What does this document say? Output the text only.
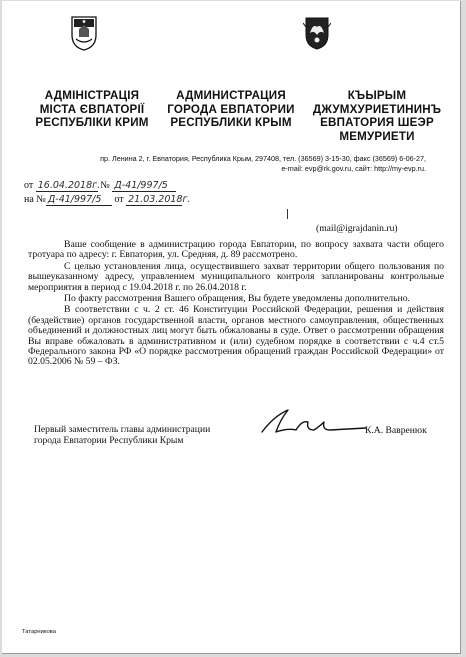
АДМІНІСТРАЦІЯ
МІСТА ЄВПАТОРІЇ
РЕСПУБЛІКИ КРИМ
АДМИНИСТРАЦИЯ
ГОРОДА ЕВПАТОРИИ
РЕСПУБЛИКИ КРЫМ
КЪЫРЫМ
ДЖУМХУРИЕТИНИНЪ
ЕВПАТОРИЯ ШЕЭР
МЕМУРИЕТИ
пр. Ленина 2, г. Евпатория, Республика Крым, 297408, тел. (36569) 3-15-30, факс (36569) 6-06-27,
e-mail: evp@rk.gov.ru, сайт: http://my-evp.ru.
от 16.04.2018г. № Д-41/997/5
на № Д-41/997/5 от 21.03.2018г.
(mail@igrajdanin.ru)

Ваше сообщение в администрацию города Евпатории, по вопросу захвата части общего тротуара по адресу: г. Евпатория, ул. Средняя, д. 89 рассмотрено.

С целью установления лица, осуществившего захват территории общего пользования по вышеуказанному адресу, управлением муниципального контроля запланированы контрольные мероприятия в период с 19.04.2018 г. по 26.04.2018 г.

По факту рассмотрения Вашего обращения, Вы будете уведомлены дополнительно.

В соответствии с ч. 2 ст. 46 Конституции Российской Федерации, решения и действия (бездействие) органов государственной власти, органов местного самоуправления, общественных объединений и должностных лиц могут быть обжалованы в суде. Ответ о рассмотрении обращения Вы вправе обжаловать в административном и (или) судебном порядке в соответствии с ч.4 ст.5 Федерального закона РФ «О порядке рассмотрения обращений граждан Российской Федерации» от 02.05.2006 № 59 – ФЗ.

Первый заместитель главы администрации
города Евпатории Республики Крым
К.А. Вавренюк
Татарникова
